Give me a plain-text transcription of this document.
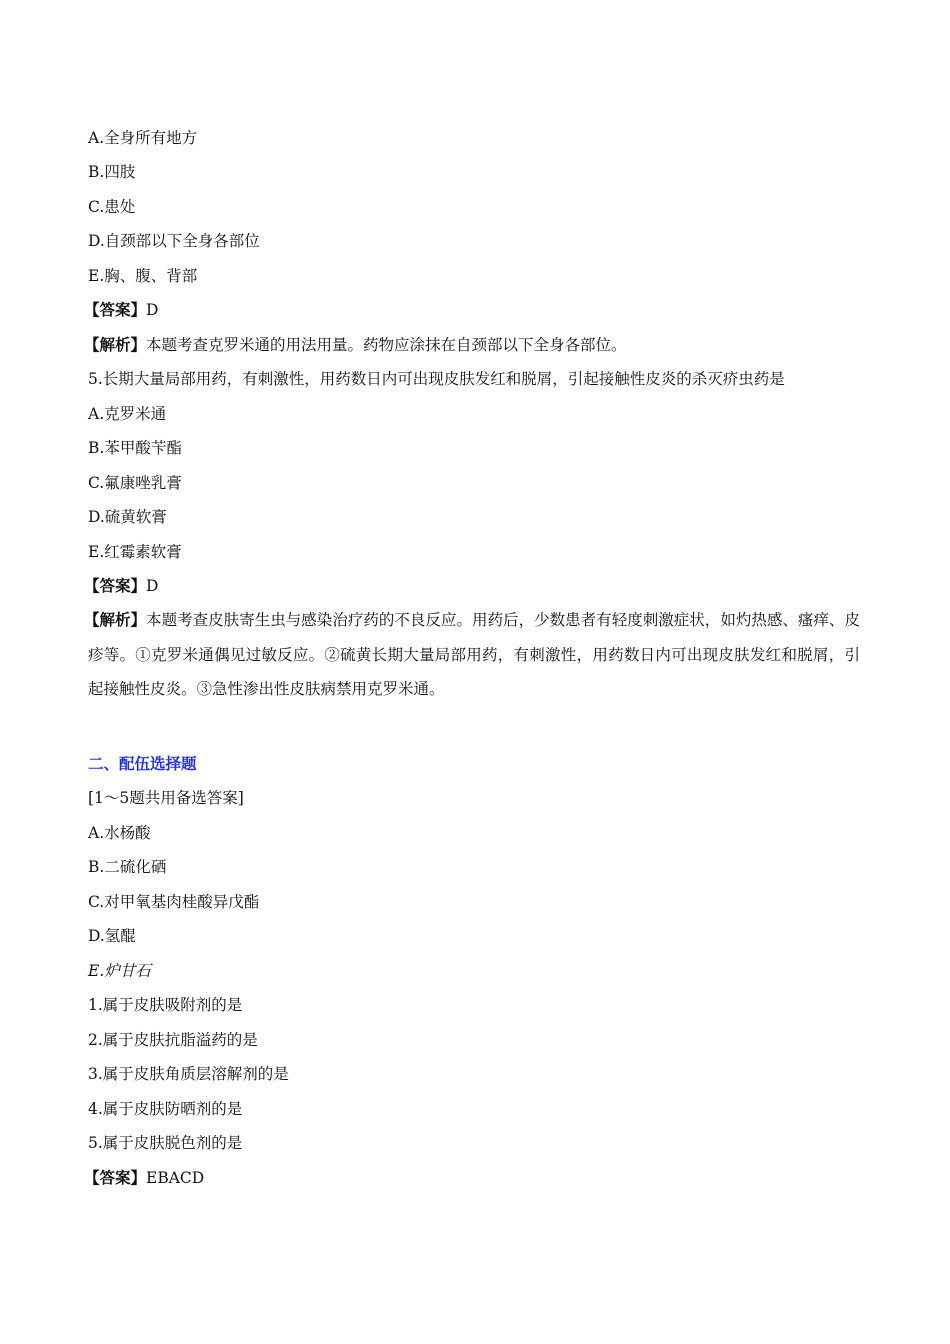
A.全身所有地方
B.四肢
C.患处
D.自颈部以下全身各部位
E.胸、腹、背部
【答案】D
【解析】本题考查克罗米通的用法用量。药物应涂抹在自颈部以下全身各部位。
5.长期大量局部用药，有刺激性，用药数日内可出现皮肤发红和脱屑，引起接触性皮炎的杀灭疥虫药是
A.克罗米通
B.苯甲酸苄酯
C.氟康唑乳膏
D.硫黄软膏
E.红霉素软膏
【答案】D
【解析】本题考查皮肤寄生虫与感染治疗药的不良反应。用药后，少数患者有轻度刺激症状，如灼热感、瘙痒、皮疹等。①克罗米通偶见过敏反应。②硫黄长期大量局部用药，有刺激性，用药数日内可出现皮肤发红和脱屑，引起接触性皮炎。③急性渗出性皮肤病禁用克罗米通。
二、配伍选择题
[1～5题共用备选答案]
A.水杨酸
B.二硫化硒
C.对甲氧基肉桂酸异戊酯
D.氢醌
E.炉甘石
1.属于皮肤吸附剂的是
2.属于皮肤抗脂溢药的是
3.属于皮肤角质层溶解剂的是
4.属于皮肤防晒剂的是
5.属于皮肤脱色剂的是
【答案】EBACD
